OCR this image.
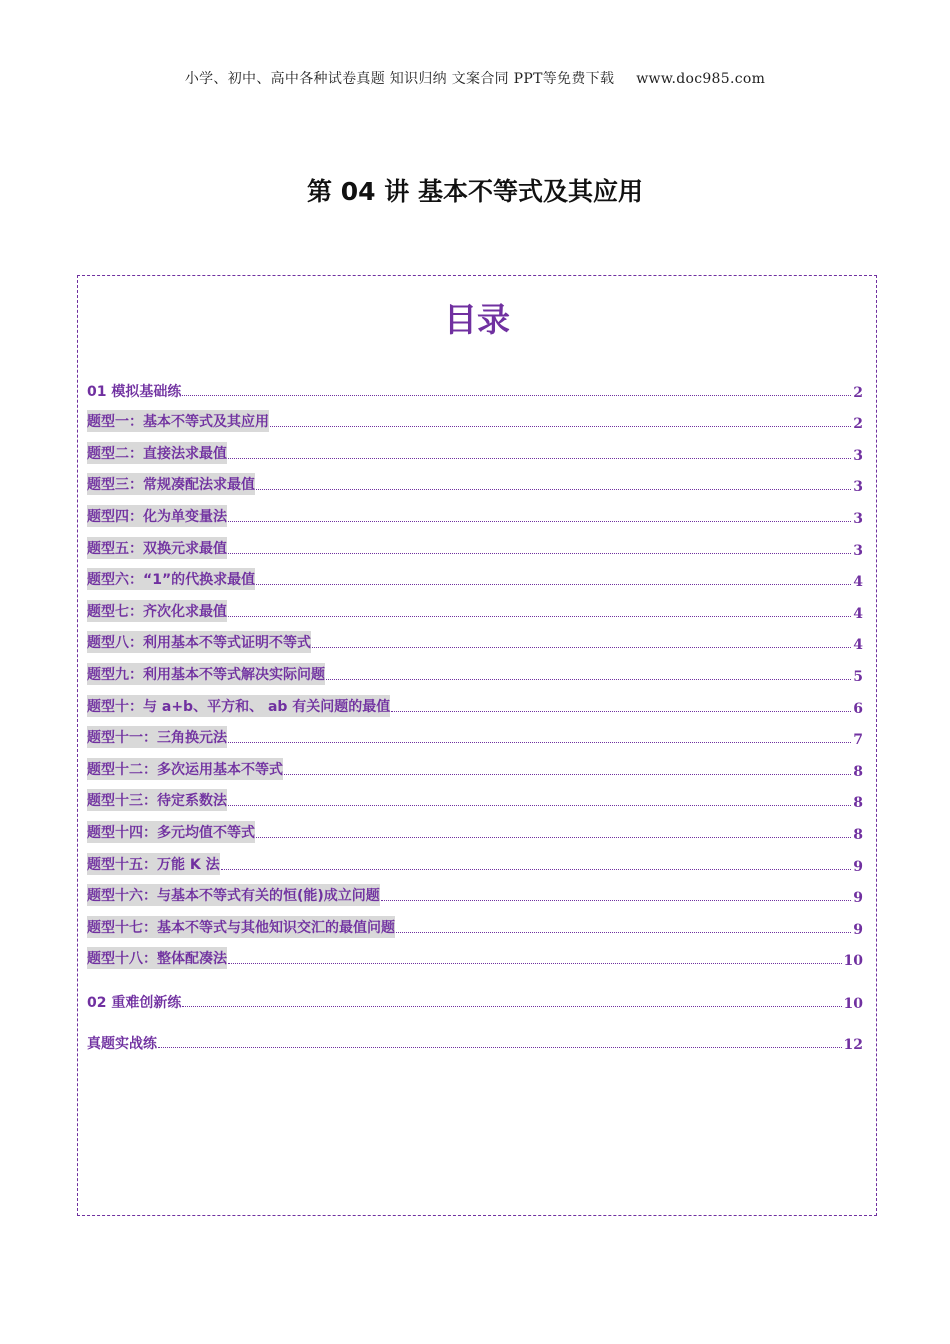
小学、初中、高中各种试卷真题 知识归纳 文案合同 PPT等免费下载 www.doc985.com
第 04 讲 基本不等式及其应用
目录
01 模拟基础练	2
题型一：基本不等式及其应用	2
题型二：直接法求最值	3
题型三：常规凑配法求最值	3
题型四：化为单变量法	3
题型五：双换元求最值	3
题型六：“1”的代换求最值	4
题型七：齐次化求最值	4
题型八：利用基本不等式证明不等式	4
题型九：利用基本不等式解决实际问题	5
题型十：与 a+b、平方和、 ab 有关问题的最值	6
题型十一：三角换元法	7
题型十二：多次运用基本不等式	8
题型十三：待定系数法	8
题型十四：多元均值不等式	8
题型十五：万能 K 法	9
题型十六：与基本不等式有关的恒(能)成立问题	9
题型十七：基本不等式与其他知识交汇的最值问题	9
题型十八：整体配凑法	10
02 重难创新练	10
真题实战练	12
